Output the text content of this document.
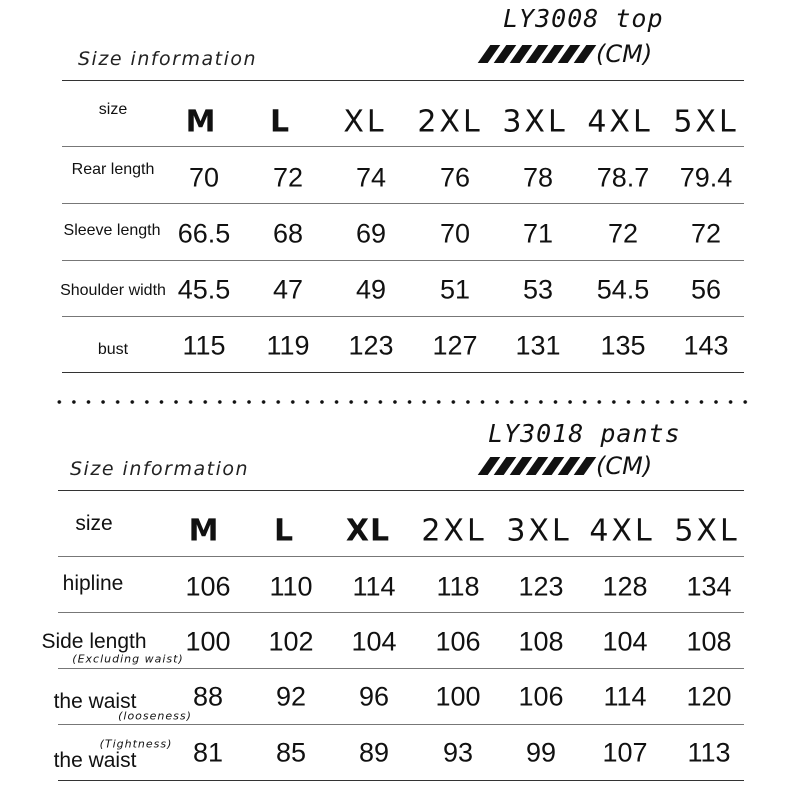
LY3008 top
(CM)
Size information
size M L XL 2XL 3XL 4XL 5XL
Rear length 70 72 74 76 78 78.7 79.4
Sleeve length 66.5 68 69 70 71 72 72
Shoulder width 45.5 47 49 51 53 54.5 56
bust 115 119 123 127 131 135 143
LY3018 pants
(CM)
Size information
size	M L XL 2XL 3XL 4XL 5XL
hipline 106 110 114 118 123 128 134
Side length
(Excluding waist)
100 102 104 106 108 104 108
the waist
(looseness)
88 92 96 100 106 114 120
(Tightness)
the waist 81 85 89 93 99 107 113
